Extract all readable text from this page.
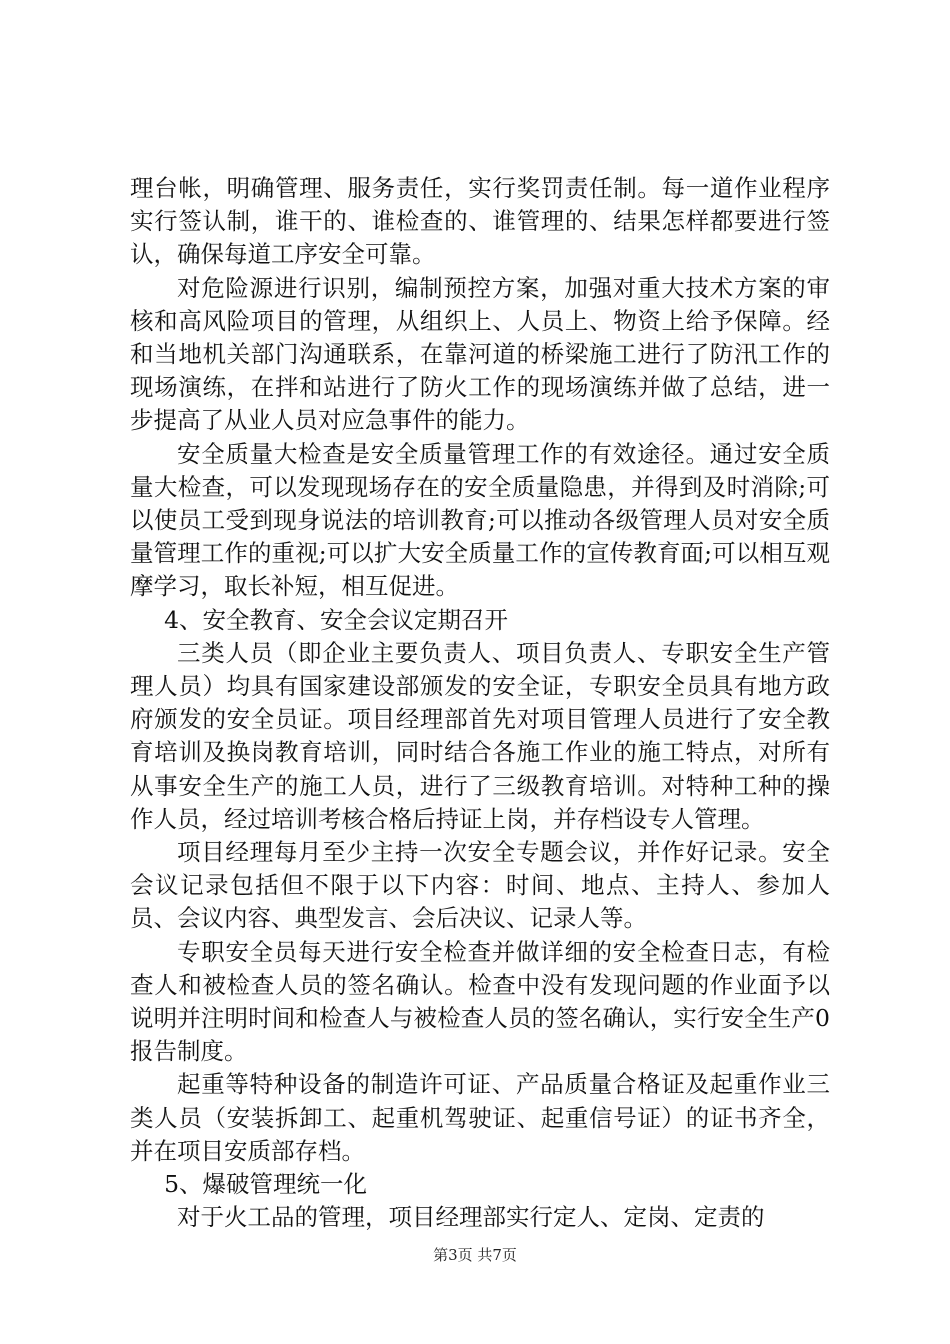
理台帐，明确管理、服务责任，实行奖罚责任制。每一道作业程序实行签认制，谁干的、谁检查的、谁管理的、结果怎样都要进行签认，确保每道工序安全可靠。

对危险源进行识别，编制预控方案，加强对重大技术方案的审核和高风险项目的管理，从组织上、人员上、物资上给予保障。经和当地机关部门沟通联系，在靠河道的桥梁施工进行了防汛工作的现场演练，在拌和站进行了防火工作的现场演练并做了总结，进一步提高了从业人员对应急事件的能力。

安全质量大检查是安全质量管理工作的有效途径。通过安全质量大检查，可以发现现场存在的安全质量隐患，并得到及时消除;可以使员工受到现身说法的培训教育;可以推动各级管理人员对安全质量管理工作的重视;可以扩大安全质量工作的宣传教育面;可以相互观摩学习，取长补短，相互促进。

4、安全教育、安全会议定期召开

三类人员（即企业主要负责人、项目负责人、专职安全生产管理人员）均具有国家建设部颁发的安全证，专职安全员具有地方政府颁发的安全员证。项目经理部首先对项目管理人员进行了安全教育培训及换岗教育培训，同时结合各施工作业的施工特点，对所有从事安全生产的施工人员，进行了三级教育培训。对特种工种的操作人员，经过培训考核合格后持证上岗，并存档设专人管理。

项目经理每月至少主持一次安全专题会议，并作好记录。安全会议记录包括但不限于以下内容：时间、地点、主持人、参加人员、会议内容、典型发言、会后决议、记录人等。

专职安全员每天进行安全检查并做详细的安全检查日志，有检查人和被检查人员的签名确认。检查中没有发现问题的作业面予以说明并注明时间和检查人与被检查人员的签名确认，实行安全生产0报告制度。

起重等特种设备的制造许可证、产品质量合格证及起重作业三类人员（安装拆卸工、起重机驾驶证、起重信号证）的证书齐全，并在项目安质部存档。

5、爆破管理统一化

对于火工品的管理，项目经理部实行定人、定岗、定责的

第3页 共7页
